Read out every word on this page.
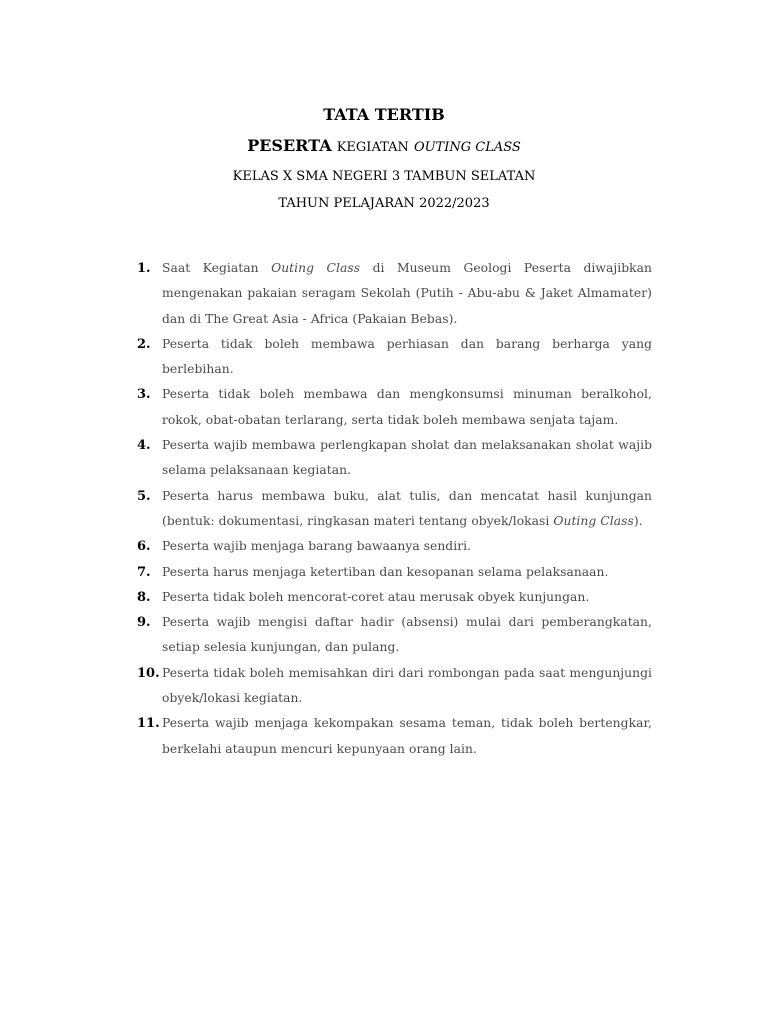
TATA TERTIB
PESERTA KEGIATAN OUTING CLASS
KELAS X SMA NEGERI 3 TAMBUN SELATAN
TAHUN PELAJARAN 2022/2023
1. Saat Kegiatan Outing Class di Museum Geologi Peserta diwajibkan mengenakan pakaian seragam Sekolah (Putih - Abu-abu & Jaket Almamater) dan di The Great Asia - Africa (Pakaian Bebas).
2. Peserta tidak boleh membawa perhiasan dan barang berharga yang berlebihan.
3. Peserta tidak boleh membawa dan mengkonsumsi minuman beralkohol, rokok, obat-obatan terlarang, serta tidak boleh membawa senjata tajam.
4. Peserta wajib membawa perlengkapan sholat dan melaksanakan sholat wajib selama pelaksanaan kegiatan.
5. Peserta harus membawa buku, alat tulis, dan mencatat hasil kunjungan (bentuk: dokumentasi, ringkasan materi tentang obyek/lokasi Outing Class).
6. Peserta wajib menjaga barang bawaanya sendiri.
7. Peserta harus menjaga ketertiban dan kesopanan selama pelaksanaan.
8. Peserta tidak boleh mencorat-coret atau merusak obyek kunjungan.
9. Peserta wajib mengisi daftar hadir (absensi) mulai dari pemberangkatan, setiap selesia kunjungan, dan pulang.
10. Peserta tidak boleh memisahkan diri dari rombongan pada saat mengunjungi obyek/lokasi kegiatan.
11. Peserta wajib menjaga kekompakan sesama teman, tidak boleh bertengkar, berkelahi ataupun mencuri kepunyaan orang lain.
